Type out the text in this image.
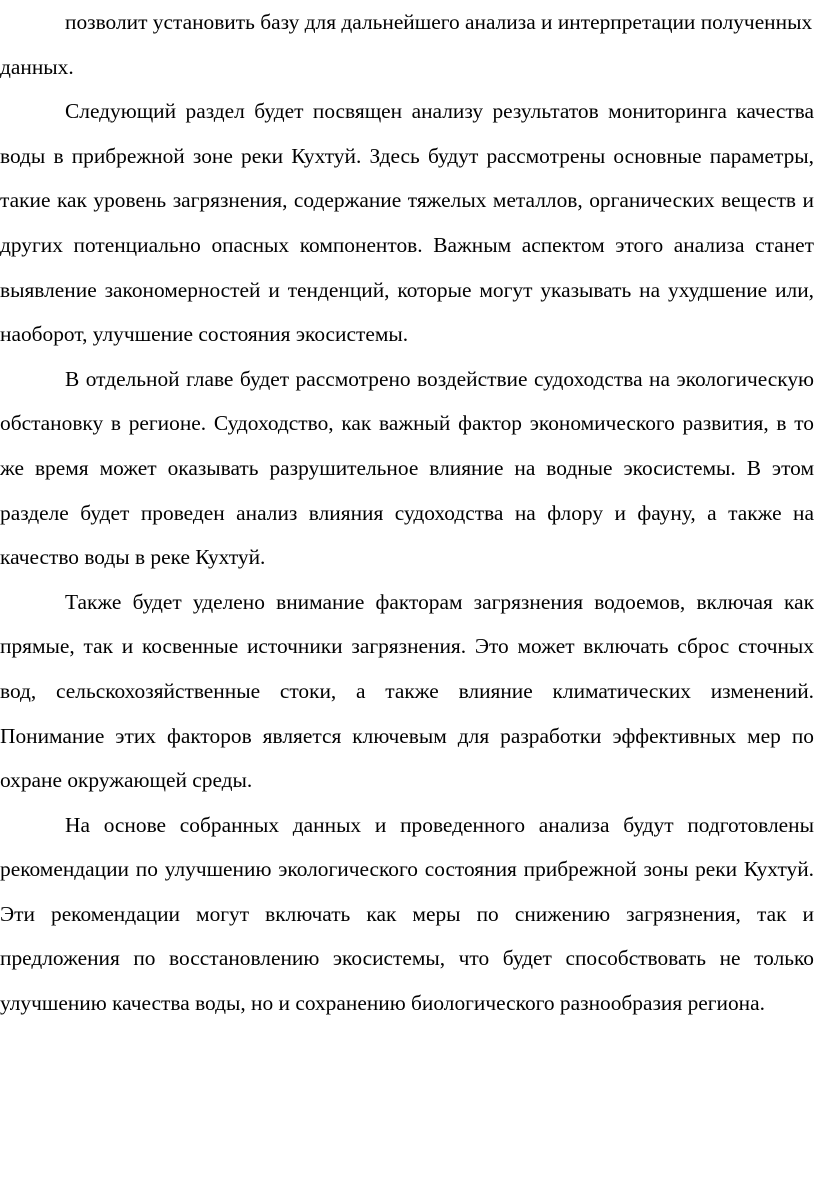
позволит установить базу для дальнейшего анализа и интерпретации полученных данных.

Следующий раздел будет посвящен анализу результатов мониторинга качества воды в прибрежной зоне реки Кухтуй. Здесь будут рассмотрены основные параметры, такие как уровень загрязнения, содержание тяжелых металлов, органических веществ и других потенциально опасных компонентов. Важным аспектом этого анализа станет выявление закономерностей и тенденций, которые могут указывать на ухудшение или, наоборот, улучшение состояния экосистемы.

В отдельной главе будет рассмотрено воздействие судоходства на экологическую обстановку в регионе. Судоходство, как важный фактор экономического развития, в то же время может оказывать разрушительное влияние на водные экосистемы. В этом разделе будет проведен анализ влияния судоходства на флору и фауну, а также на качество воды в реке Кухтуй.

Также будет уделено внимание факторам загрязнения водоемов, включая как прямые, так и косвенные источники загрязнения. Это может включать сброс сточных вод, сельскохозяйственные стоки, а также влияние климатических изменений. Понимание этих факторов является ключевым для разработки эффективных мер по охране окружающей среды.

На основе собранных данных и проведенного анализа будут подготовлены рекомендации по улучшению экологического состояния прибрежной зоны реки Кухтуй. Эти рекомендации могут включать как меры по снижению загрязнения, так и предложения по восстановлению экосистемы, что будет способствовать не только улучшению качества воды, но и сохранению биологического разнообразия региона.
